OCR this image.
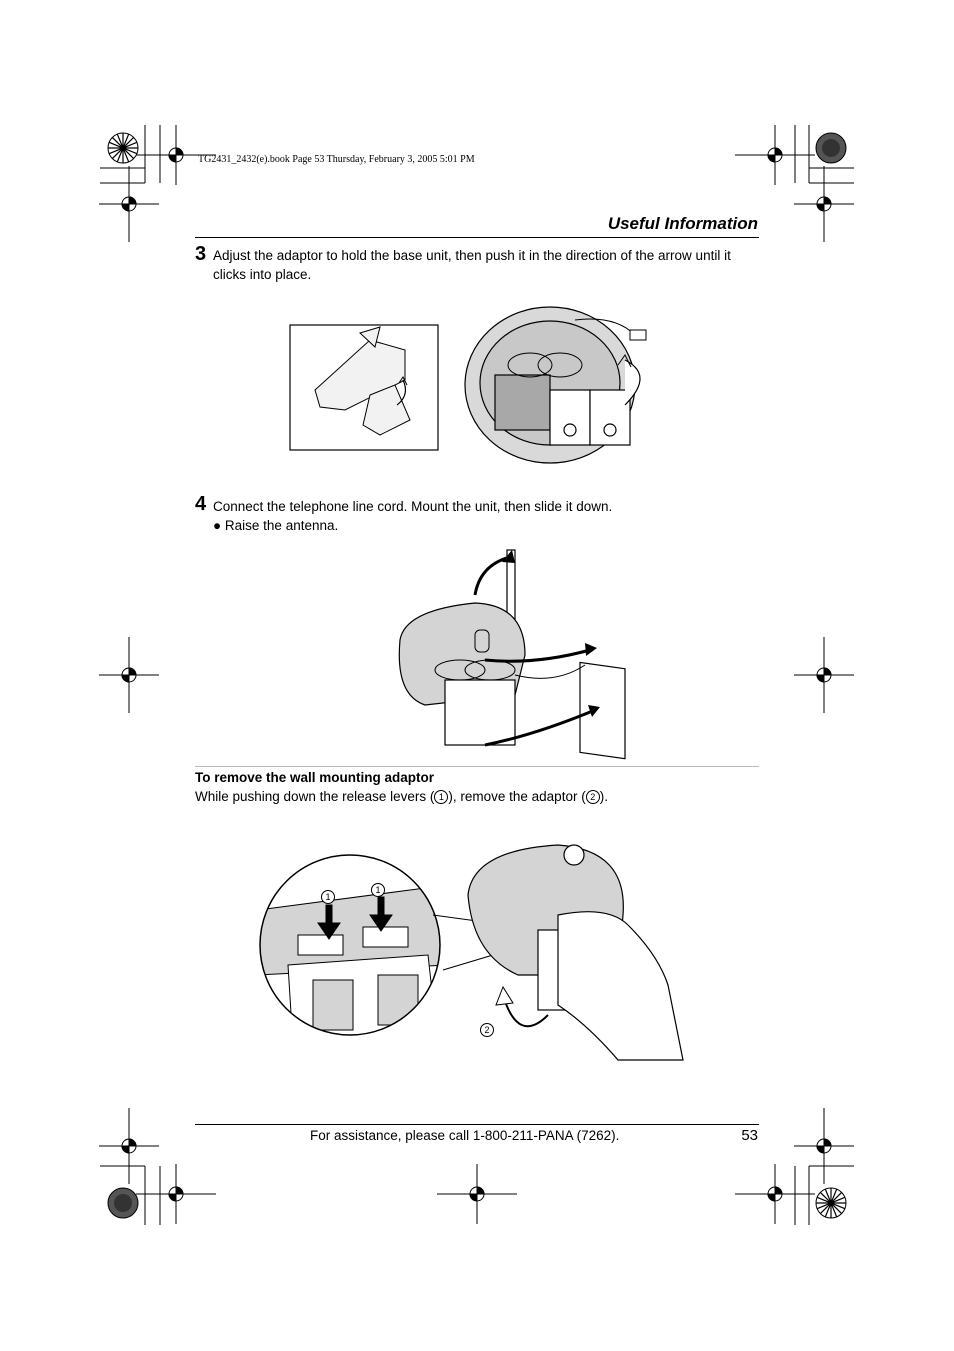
TG2431_2432(e).book Page 53 Thursday, February 3, 2005 5:01 PM
Useful Information
3 Adjust the adaptor to hold the base unit, then push it in the direction of the arrow until it clicks into place.
4 Connect the telephone line cord. Mount the unit, then slide it down.
● Raise the antenna.
To remove the wall mounting adaptor
While pushing down the release levers ( 1 ), remove the adaptor ( 2 ).
1
1
2
For assistance, please call 1-800-211-PANA (7262).	53
